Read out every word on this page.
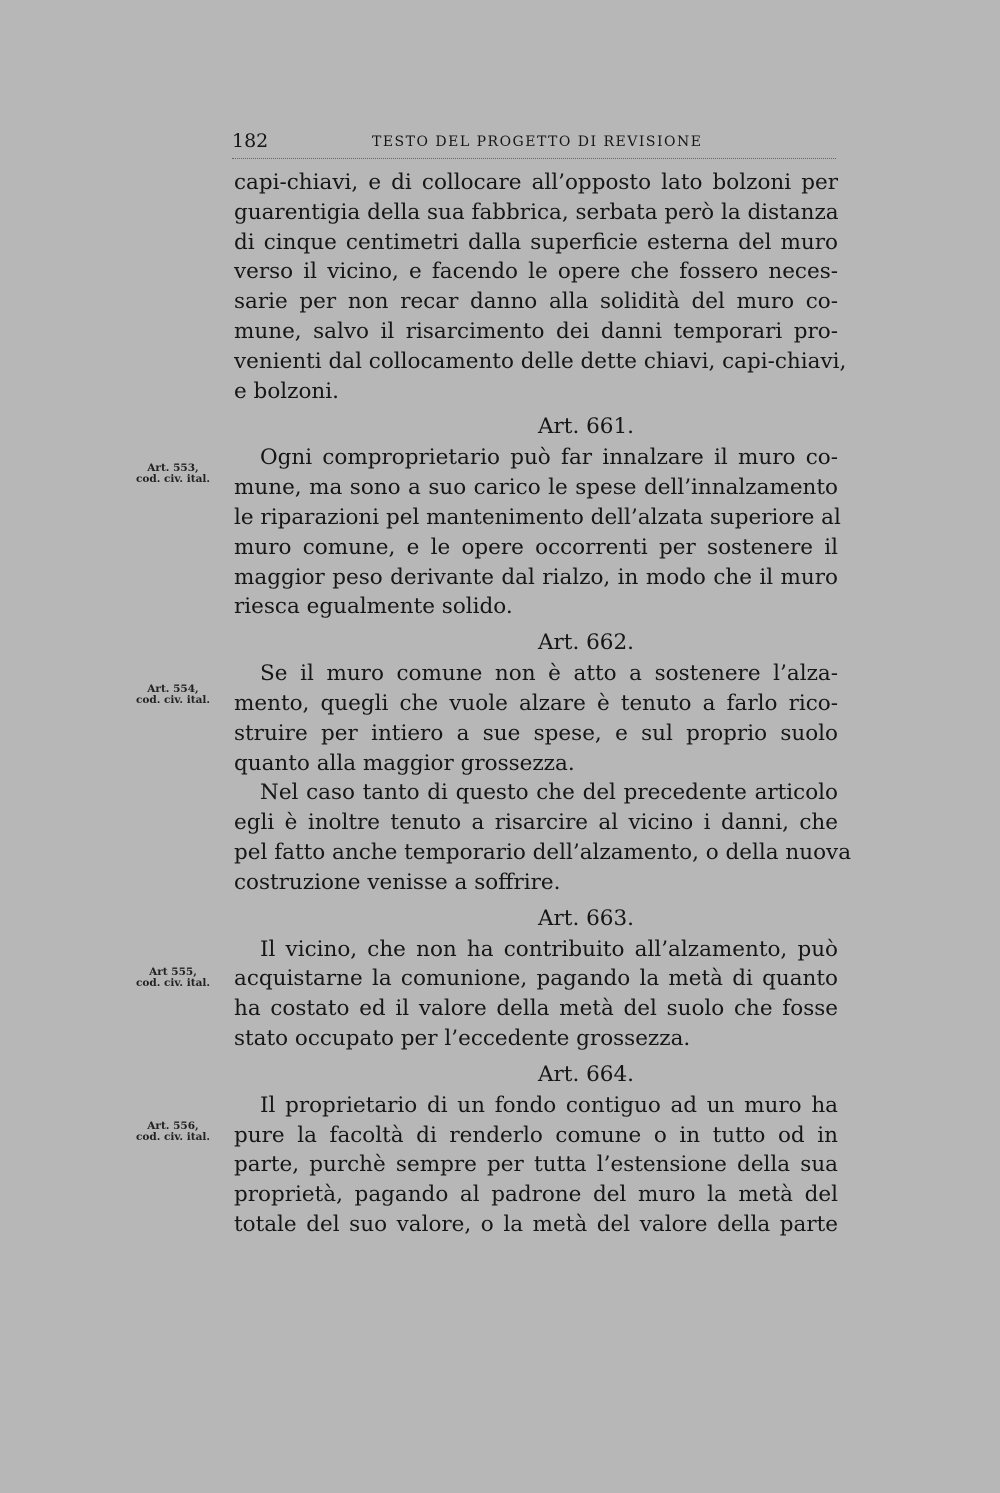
182	TESTO DEL PROGETTO DI REVISIONE
Art. 553,
cod. civ. ital.
Art. 554,
cod. civ. ital.
Art 555,
cod. civ. ital.
Art. 556,
cod. civ. ital.
capi-chiavi, e di collocare all’opposto lato bolzoni per
guarentigia della sua fabbrica, serbata però la distanza
di cinque centimetri dalla superficie esterna del muro
verso il vicino, e facendo le opere che fossero neces-
sarie per non recar danno alla solidità del muro co-
mune, salvo il risarcimento dei danni temporari pro-
venienti dal collocamento delle dette chiavi, capi-chiavi,
e bolzoni.
Art. 661.
Ogni comproprietario può far innalzare il muro co-
mune, ma sono a suo carico le spese dell’innalzamento
le riparazioni pel mantenimento dell’alzata superiore al
muro comune, e le opere occorrenti per sostenere il
maggior peso derivante dal rialzo, in modo che il muro
riesca egualmente solido.
Art. 662.
Se il muro comune non è atto a sostenere l’alza-
mento, quegli che vuole alzare è tenuto a farlo rico-
struire per intiero a sue spese, e sul proprio suolo
quanto alla maggior grossezza.
Nel caso tanto di questo che del precedente articolo
egli è inoltre tenuto a risarcire al vicino i danni, che
pel fatto anche temporario dell’alzamento, o della nuova
costruzione venisse a soffrire.
Art. 663.
Il vicino, che non ha contribuito all’alzamento, può
acquistarne la comunione, pagando la metà di quanto
ha costato ed il valore della metà del suolo che fosse
stato occupato per l’eccedente grossezza.
Art. 664.
Il proprietario di un fondo contiguo ad un muro ha
pure la facoltà di renderlo comune o in tutto od in
parte, purchè sempre per tutta l’estensione della sua
proprietà, pagando al padrone del muro la metà del
totale del suo valore, o la metà del valore della parte
